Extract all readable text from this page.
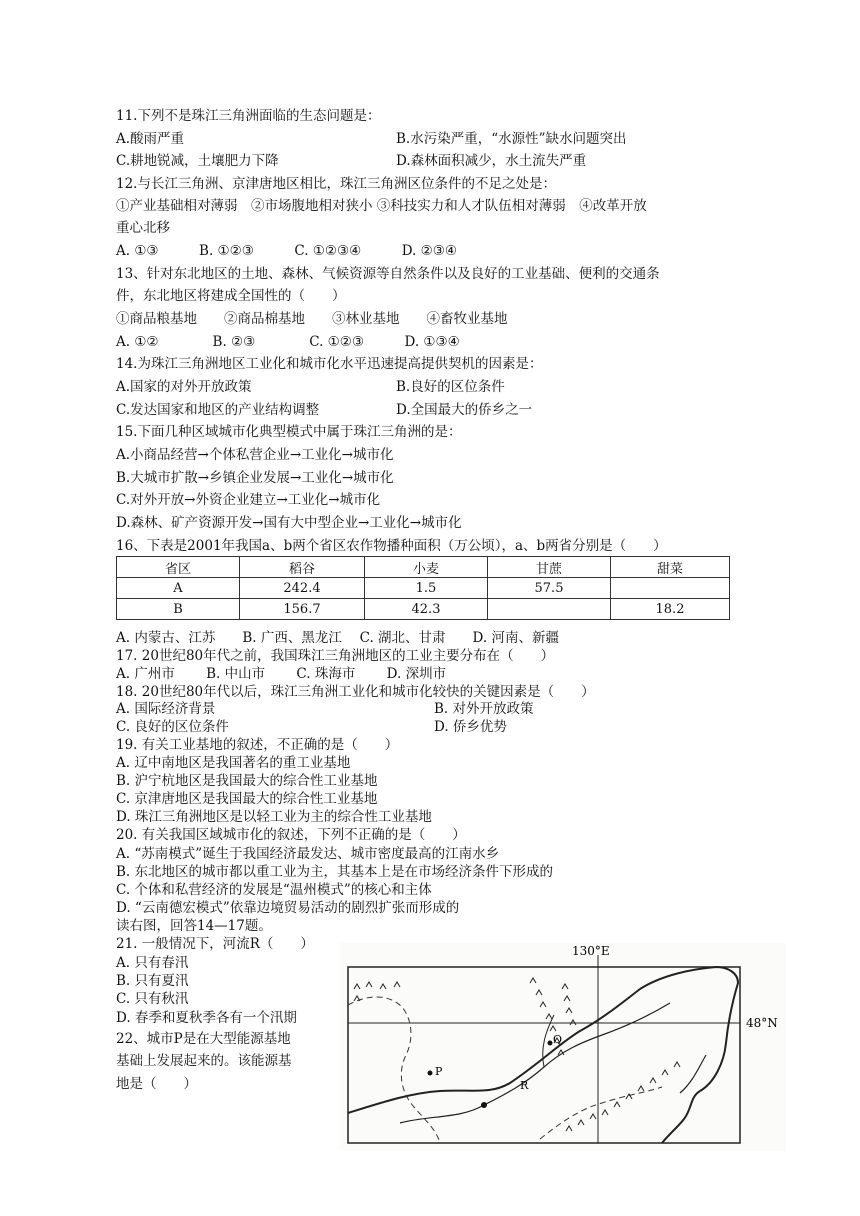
11.下列不是珠江三角洲面临的生态问题是：
A.酸雨严重	B.水污染严重，“水源性”缺水问题突出
C.耕地锐减，土壤肥力下降	D.森林面积减少，水土流失严重
12.与长江三角洲、京津唐地区相比，珠江三角洲区位条件的不足之处是：
①产业基础相对薄弱　②市场腹地相对狭小 ③科技实力和人才队伍相对薄弱　④改革开放
重心北移
A. ①③　　　B. ①②③　　　C. ①②③④　　　D. ②③④
13、针对东北地区的土地、森林、气候资源等自然条件以及良好的工业基础、便利的交通条
件，东北地区将建成全国性的（　　）
①商品粮基地　　②商品棉基地　　③林业基地　　④畜牧业基地
A. ①②　　　　B. ②③　　　　C. ①②③　　　D. ①③④
14.为珠江三角洲地区工业化和城市化水平迅速提高提供契机的因素是：
A.国家的对外开放政策	B.良好的区位条件
C.发达国家和地区的产业结构调整	D.全国最大的侨乡之一
15.下面几种区域城市化典型模式中属于珠江三角洲的是：
A.小商品经营→个体私营企业→工业化→城市化
B.大城市扩散→乡镇企业发展→工业化→城市化
C.对外开放→外资企业建立→工业化→城市化
D.森林、矿产资源开发→国有大中型企业→工业化→城市化
16、下表是2001年我国a、b两个省区农作物播种面积（万公顷），a、b两省分别是（　　）
省区	稻谷	小麦	甘蔗	甜菜
A	242.4	1.5	57.5	
B	156.7	42.3		18.2
A. 内蒙古、江苏　　B. 广西、黑龙江　 C. 湖北、甘肃　　D. 河南、新疆
17. 20世纪80年代之前，我国珠江三角洲地区的工业主要分布在（　　）
A. 广州市　　 B. 中山市　　 C. 珠海市　　 D. 深圳市
18. 20世纪80年代以后，珠江三角洲工业化和城市化较快的关键因素是（　　）
A. 国际经济背景	B. 对外开放政策
C. 良好的区位条件	D. 侨乡优势
19. 有关工业基地的叙述，不正确的是（　　）
A. 辽中南地区是我国著名的重工业基地
B. 沪宁杭地区是我国最大的综合性工业基地
C. 京津唐地区是我国最大的综合性工业基地
D. 珠江三角洲地区是以轻工业为主的综合性工业基地
20. 有关我国区域城市化的叙述，下列不正确的是（　　）
A. “苏南模式”诞生于我国经济最发达、城市密度最高的江南水乡
B. 东北地区的城市都以重工业为主，其基本上是在市场经济条件下形成的
C. 个体和私营经济的发展是“温州模式”的核心和主体
D. “云南德宏模式”依靠边境贸易活动的剧烈扩张而形成的
读右图，回答14—17题。
21. 一般情况下，河流R（　　）
A. 只有春汛
B. 只有夏汛
C. 只有秋汛
D. 春季和夏秋季各有一个汛期
22、城市P是在大型能源基地
基础上发展起来的。该能源基
地是（　　）
130°E
48°N
P
Q
R
